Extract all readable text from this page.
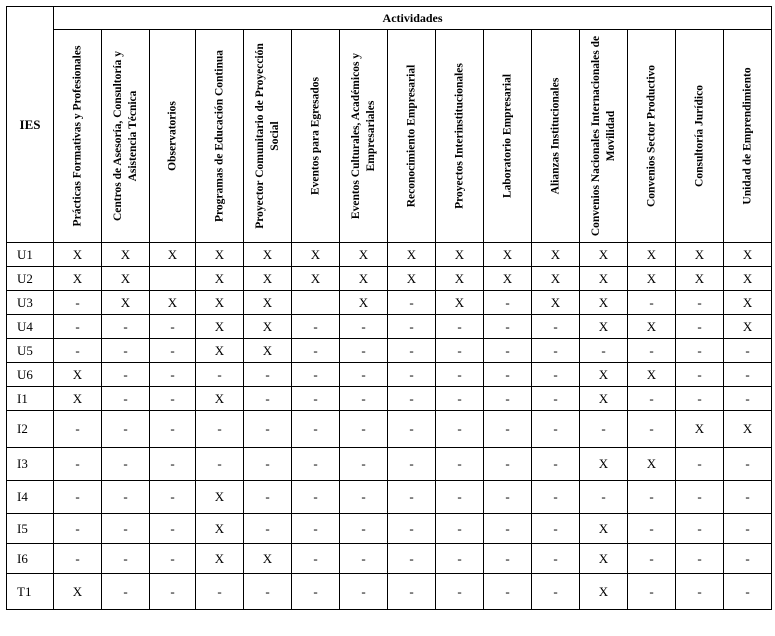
IES	Actividades														

	Prácticas Formativas y Profesionales	Centros de Asesoría, Consultoría y Asistencia Técnica	Observatorios	Programas de Educación Continua	Proyector Comunitario de Proyección Social	Eventos para Egresados	Eventos Culturales, Académicos y Empresariales	Reconocimiento Empresarial	Proyectos Interinstitucionales	Laboratorio Empresarial	Alianzas Institucionales	Convenios Nacionales Internacionales de Movilidad	Convenios Sector Productivo	Consultoría Jurídico	Unidad de Emprendimiento

U1	X	X	X	X	X	X	X	X	X	X	X	X	X	X	X
U2	X	X		X	X	X	X	X	X	X	X	X	X	X	X
U3	-	X	X	X	X		X	-	X	-	X	X	-	-	X
U4	-	-	-	X	X	-	-	-	-	-	-	X	X	-	X
U5	-	-	-	X	X	-	-	-	-	-	-	-	-	-	-
U6	X	-	-	-	-	-	-	-	-	-	-	X	X	-	-
I1	X	-	-	X	-	-	-	-	-	-	-	X	-	-	-
I2	-	-	-	-	-	-	-	-	-	-	-	-	-	X	X
I3	-	-	-	-	-	-	-	-	-	-	-	X	X	-	-
I4	-	-	-	X	-	-	-	-	-	-	-	-	-	-	-
I5	-	-	-	X	-	-	-	-	-	-	-	X	-	-	-
I6	-	-	-	X	X	-	-	-	-	-	-	X	-	-	-
T1	X	-	-	-	-	-	-	-	-	-	-	X	-	-	-
